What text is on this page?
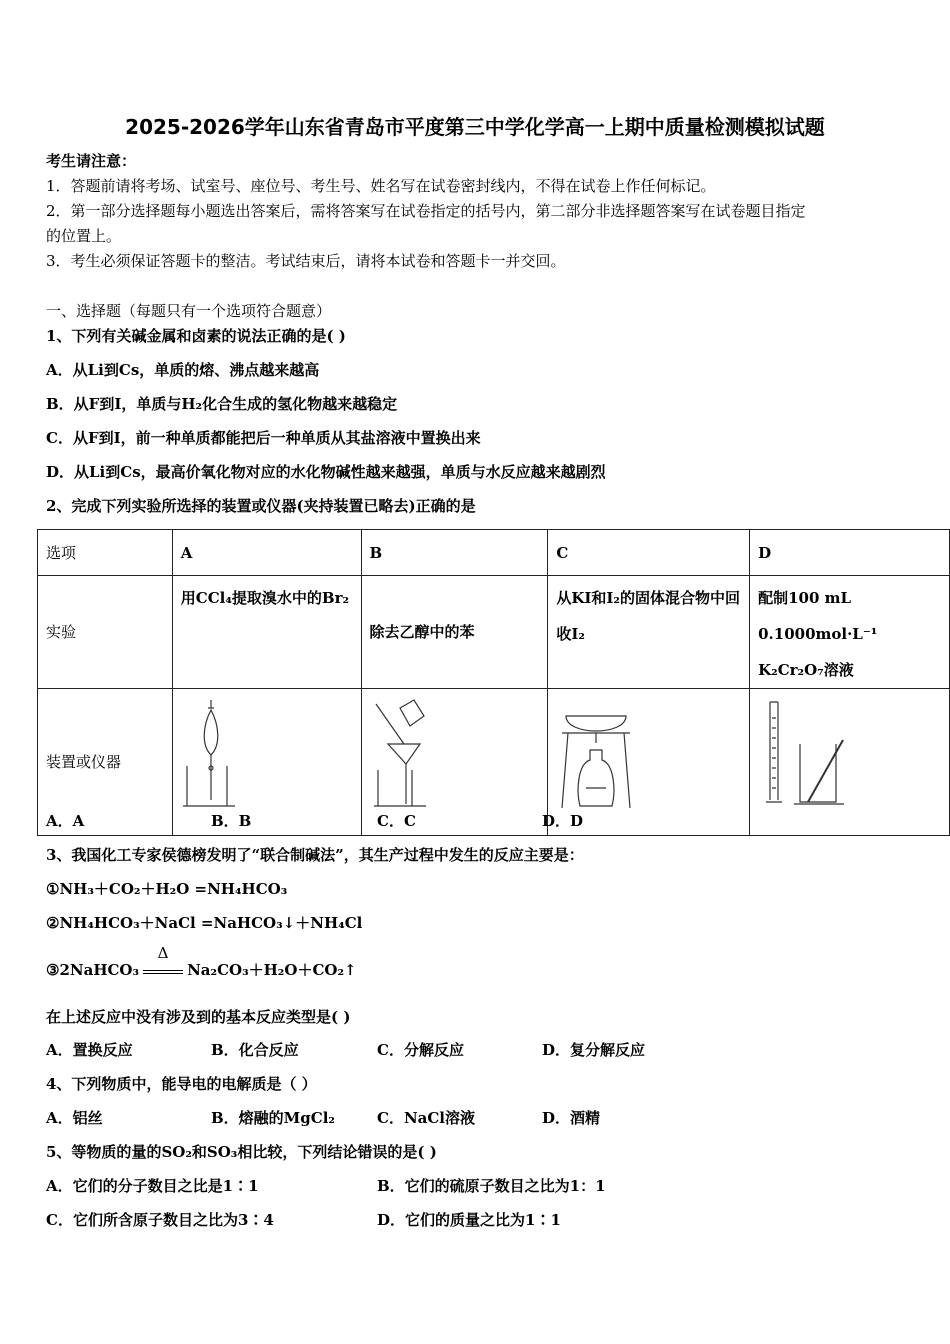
2025-2026学年山东省青岛市平度第三中学化学高一上期中质量检测模拟试题
考生请注意：
1．答题前请将考场、试室号、座位号、考生号、姓名写在试卷密封线内，不得在试卷上作任何标记。
2．第一部分选择题每小题选出答案后，需将答案写在试卷指定的括号内，第二部分非选择题答案写在试卷题目指定
的位置上。
3．考生必须保证答题卡的整洁。考试结束后，请将本试卷和答题卡一并交回。
一、选择题（每题只有一个选项符合题意）
1、下列有关碱金属和卤素的说法正确的是( )
A．从Li到Cs，单质的熔、沸点越来越高
B．从F到I，单质与H₂化合生成的氢化物越来越稳定
C．从F到I，前一种单质都能把后一种单质从其盐溶液中置换出来
D．从Li到Cs，最高价氧化物对应的水化物碱性越来越强，单质与水反应越来越剧烈
2、完成下列实验所选择的装置或仪器(夹持装置已略去)正确的是
选项	A	B	C	D
实验	用CCl₄提取溴水中的Br₂	除去乙醇中的苯	从KI和I₂的固体混合物中回收I₂	配制100 mL 0.1000mol·L⁻¹ K₂Cr₂O₇溶液
装置或仪器				
A．A	B．B	C．C	D．D
3、我国化工专家侯德榜发明了“联合制碱法”，其生产过程中发生的反应主要是：
①NH₃＋CO₂＋H₂O =NH₄HCO₃
②NH₄HCO₃＋NaCl =NaHCO₃↓＋NH₄Cl
③2NaHCO₃
Δ
Na₂CO₃＋H₂O＋CO₂↑
在上述反应中没有涉及到的基本反应类型是( )
A．置换反应	B．化合反应	C．分解反应	D．复分解反应
4、下列物质中，能导电的电解质是（ ）
A．铝丝	B．熔融的MgCl₂	C．NaCl溶液	D．酒精
5、等物质的量的SO₂和SO₃相比较，下列结论错误的是( )
A．它们的分子数目之比是1∶1	B．它们的硫原子数目之比为1：1
C．它们所含原子数目之比为3∶4	D．它们的质量之比为1∶1
